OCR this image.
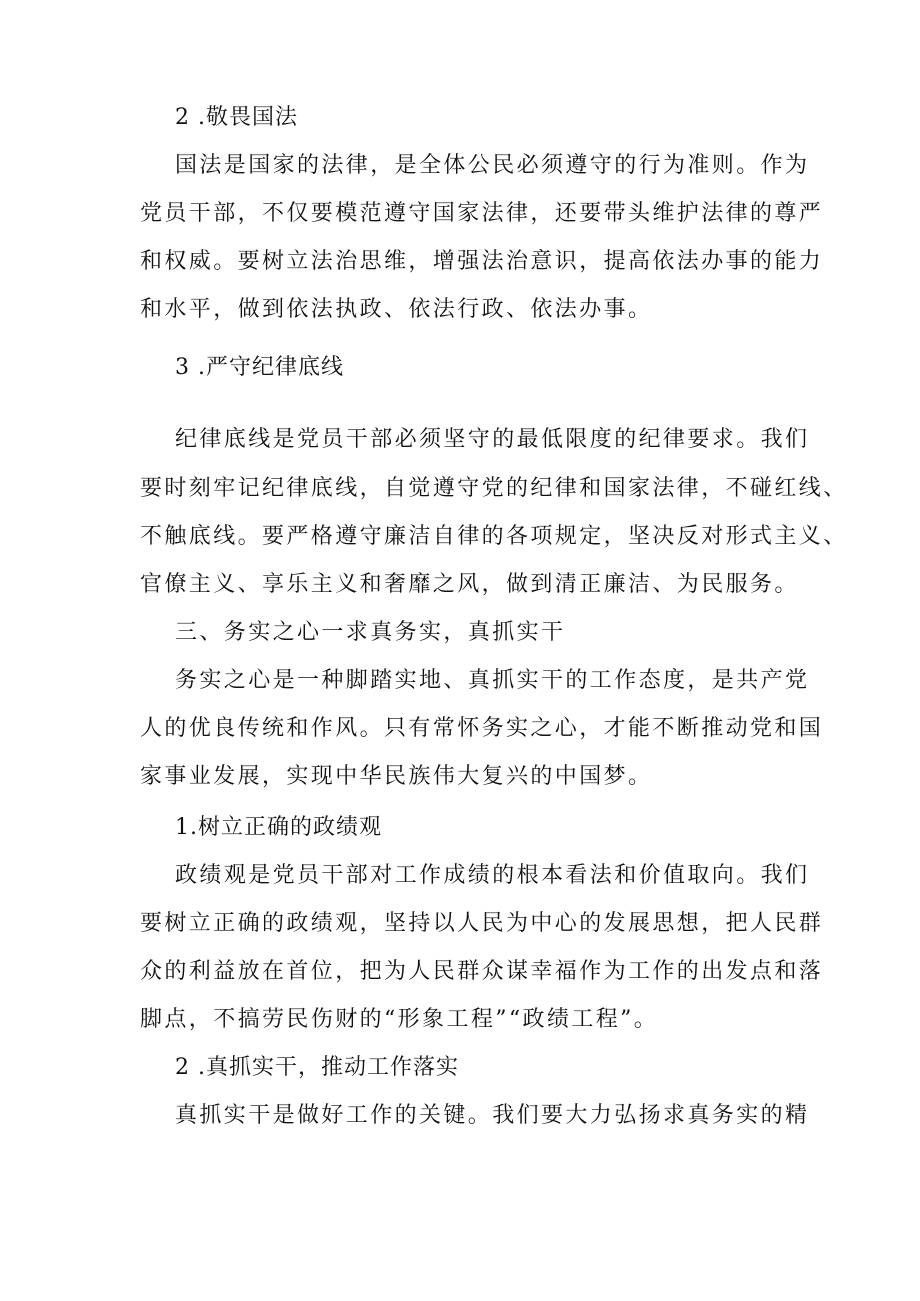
2 .敬畏国法
国法是国家的法律，是全体公民必须遵守的行为准则。作为
党员干部，不仅要模范遵守国家法律，还要带头维护法律的尊严
和权威。要树立法治思维，增强法治意识，提高依法办事的能力
和水平，做到依法执政、依法行政、依法办事。
3 .严守纪律底线
纪律底线是党员干部必须坚守的最低限度的纪律要求。我们
要时刻牢记纪律底线，自觉遵守党的纪律和国家法律，不碰红线、
不触底线。要严格遵守廉洁自律的各项规定，坚决反对形式主义、
官僚主义、享乐主义和奢靡之风，做到清正廉洁、为民服务。
三、务实之心一求真务实，真抓实干
务实之心是一种脚踏实地、真抓实干的工作态度，是共产党
人的优良传统和作风。只有常怀务实之心，才能不断推动党和国
家事业发展，实现中华民族伟大复兴的中国梦。
1.树立正确的政绩观
政绩观是党员干部对工作成绩的根本看法和价值取向。我们
要树立正确的政绩观，坚持以人民为中心的发展思想，把人民群
众的利益放在首位，把为人民群众谋幸福作为工作的出发点和落
脚点，不搞劳民伤财的“形象工程”“政绩工程”。
2 .真抓实干，推动工作落实
真抓实干是做好工作的关键。我们要大力弘扬求真务实的精
